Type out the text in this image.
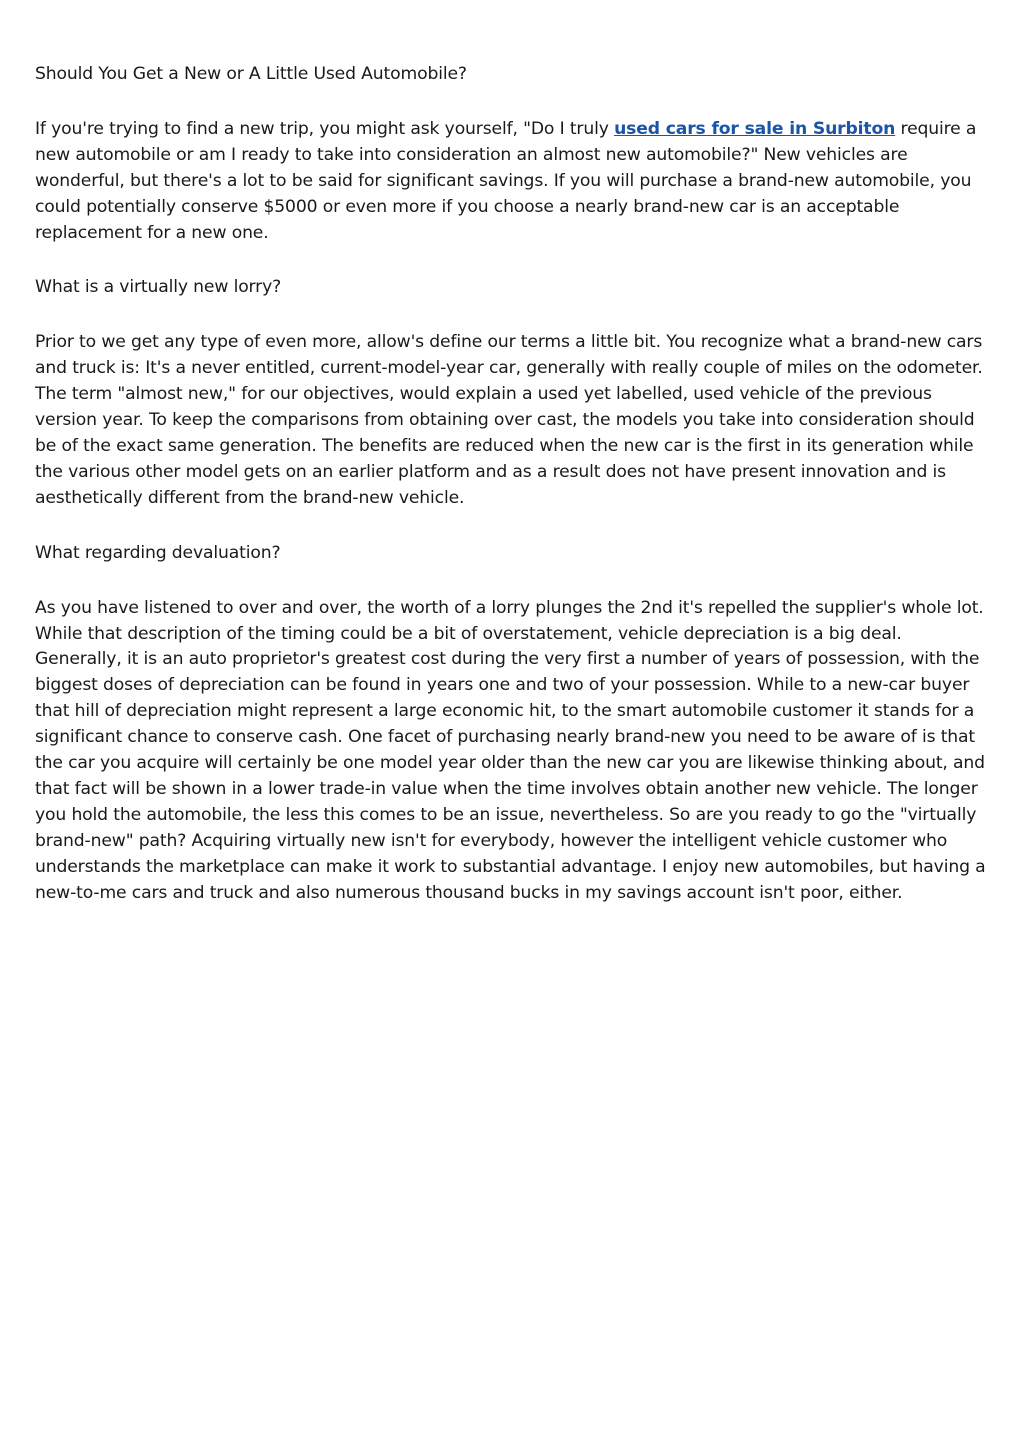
Should You Get a New or A Little Used Automobile?

If you're trying to find a new trip, you might ask yourself, "Do I truly used cars for sale in Surbiton require a new automobile or am I ready to take into consideration an almost new automobile?" New vehicles are wonderful, but there's a lot to be said for significant savings. If you will purchase a brand-new automobile, you could potentially conserve $5000 or even more if you choose a nearly brand-new car is an acceptable replacement for a new one.

What is a virtually new lorry?

Prior to we get any type of even more, allow's define our terms a little bit. You recognize what a brand-new cars and truck is: It's a never entitled, current-model-year car, generally with really couple of miles on the odometer. The term "almost new," for our objectives, would explain a used yet labelled, used vehicle of the previous version year. To keep the comparisons from obtaining over cast, the models you take into consideration should be of the exact same generation. The benefits are reduced when the new car is the first in its generation while the various other model gets on an earlier platform and as a result does not have present innovation and is aesthetically different from the brand-new vehicle.

What regarding devaluation?

As you have listened to over and over, the worth of a lorry plunges the 2nd it's repelled the supplier's whole lot. While that description of the timing could be a bit of overstatement, vehicle depreciation is a big deal. Generally, it is an auto proprietor's greatest cost during the very first a number of years of possession, with the biggest doses of depreciation can be found in years one and two of your possession. While to a new-car buyer that hill of depreciation might represent a large economic hit, to the smart automobile customer it stands for a significant chance to conserve cash. One facet of purchasing nearly brand-new you need to be aware of is that the car you acquire will certainly be one model year older than the new car you are likewise thinking about, and that fact will be shown in a lower trade-in value when the time involves obtain another new vehicle. The longer you hold the automobile, the less this comes to be an issue, nevertheless. So are you ready to go the "virtually brand-new" path? Acquiring virtually new isn't for everybody, however the intelligent vehicle customer who understands the marketplace can make it work to substantial advantage. I enjoy new automobiles, but having a new-to-me cars and truck and also numerous thousand bucks in my savings account isn't poor, either.
